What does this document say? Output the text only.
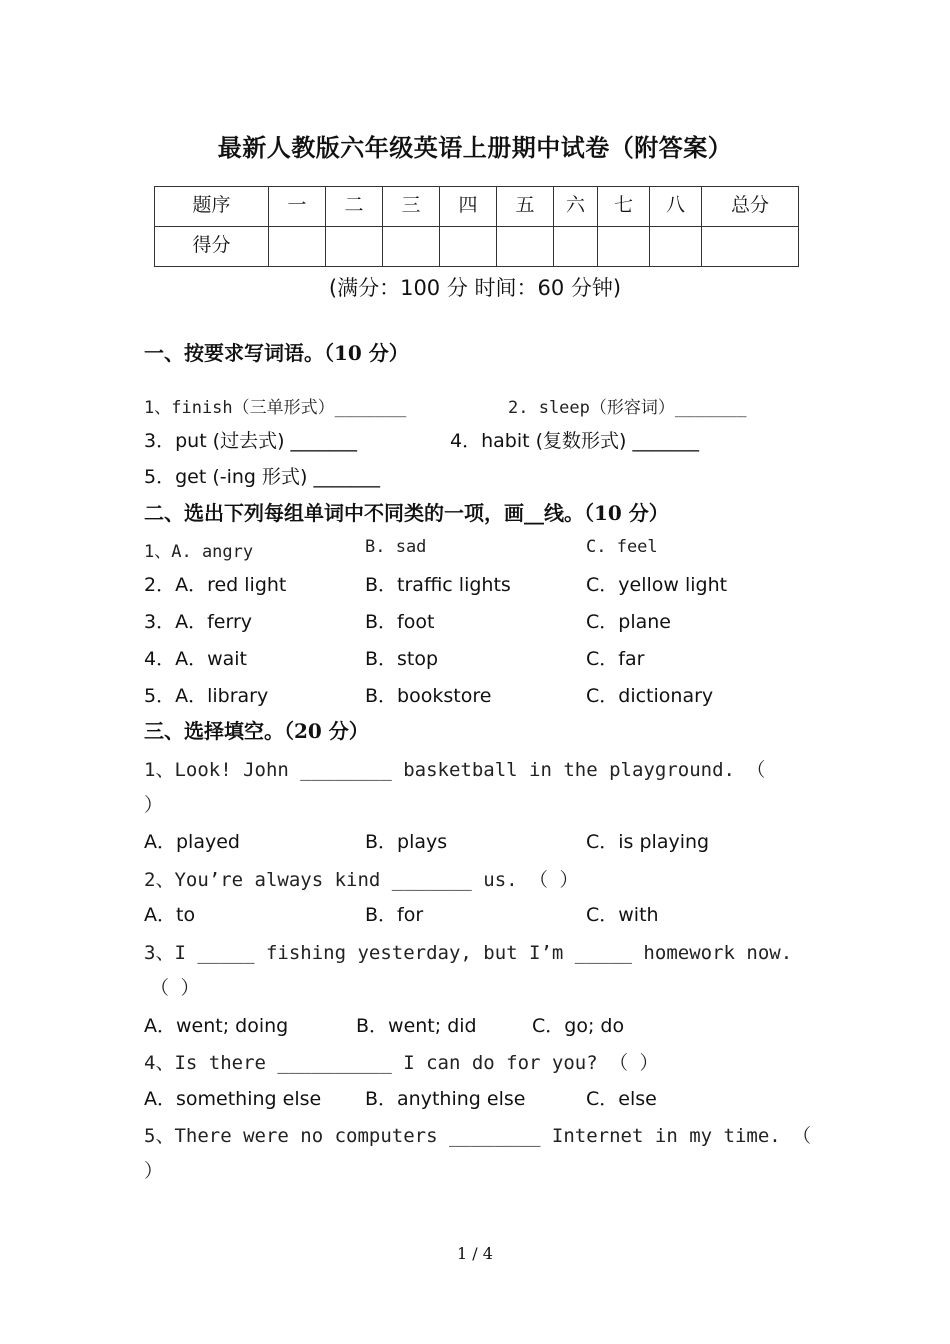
最新人教版六年级英语上册期中试卷（附答案）
题序	一	二	三	四	五	六	七	八	总分
得分									
(满分：100 分 时间：60 分钟)
一、按要求写词语。（10 分）
1、finish（三单形式）_______	2. sleep（形容词）_______
3．put (过去式) _______	4．habit (复数形式) _______
5．get (-ing 形式) _______
二、选出下列每组单词中不同类的一项，画__线。（10 分）
1、A. angry	B. sad	C. feel
2．A．red light	B．traffic lights	C．yellow light
3．A．ferry	B．foot	C．plane
4．A．wait	B．stop	C．far
5．A．library	B．bookstore	C．dictionary
三、选择填空。（20 分）
1、Look! John ________ basketball in the playground. （
）
A．played	B．plays	C．is playing
2、You’re always kind _______ us. （ ）
A．to	B．for	C．with
3、I _____ fishing yesterday, but I’m _____ homework now.
（ ）
A．went; doing	B．went; did	C．go; do
4、Is there __________ I can do for you? （ ）
A．something else B．anything else	C．else
5、There were no computers ________ Internet in my time. （
）
1 / 4
